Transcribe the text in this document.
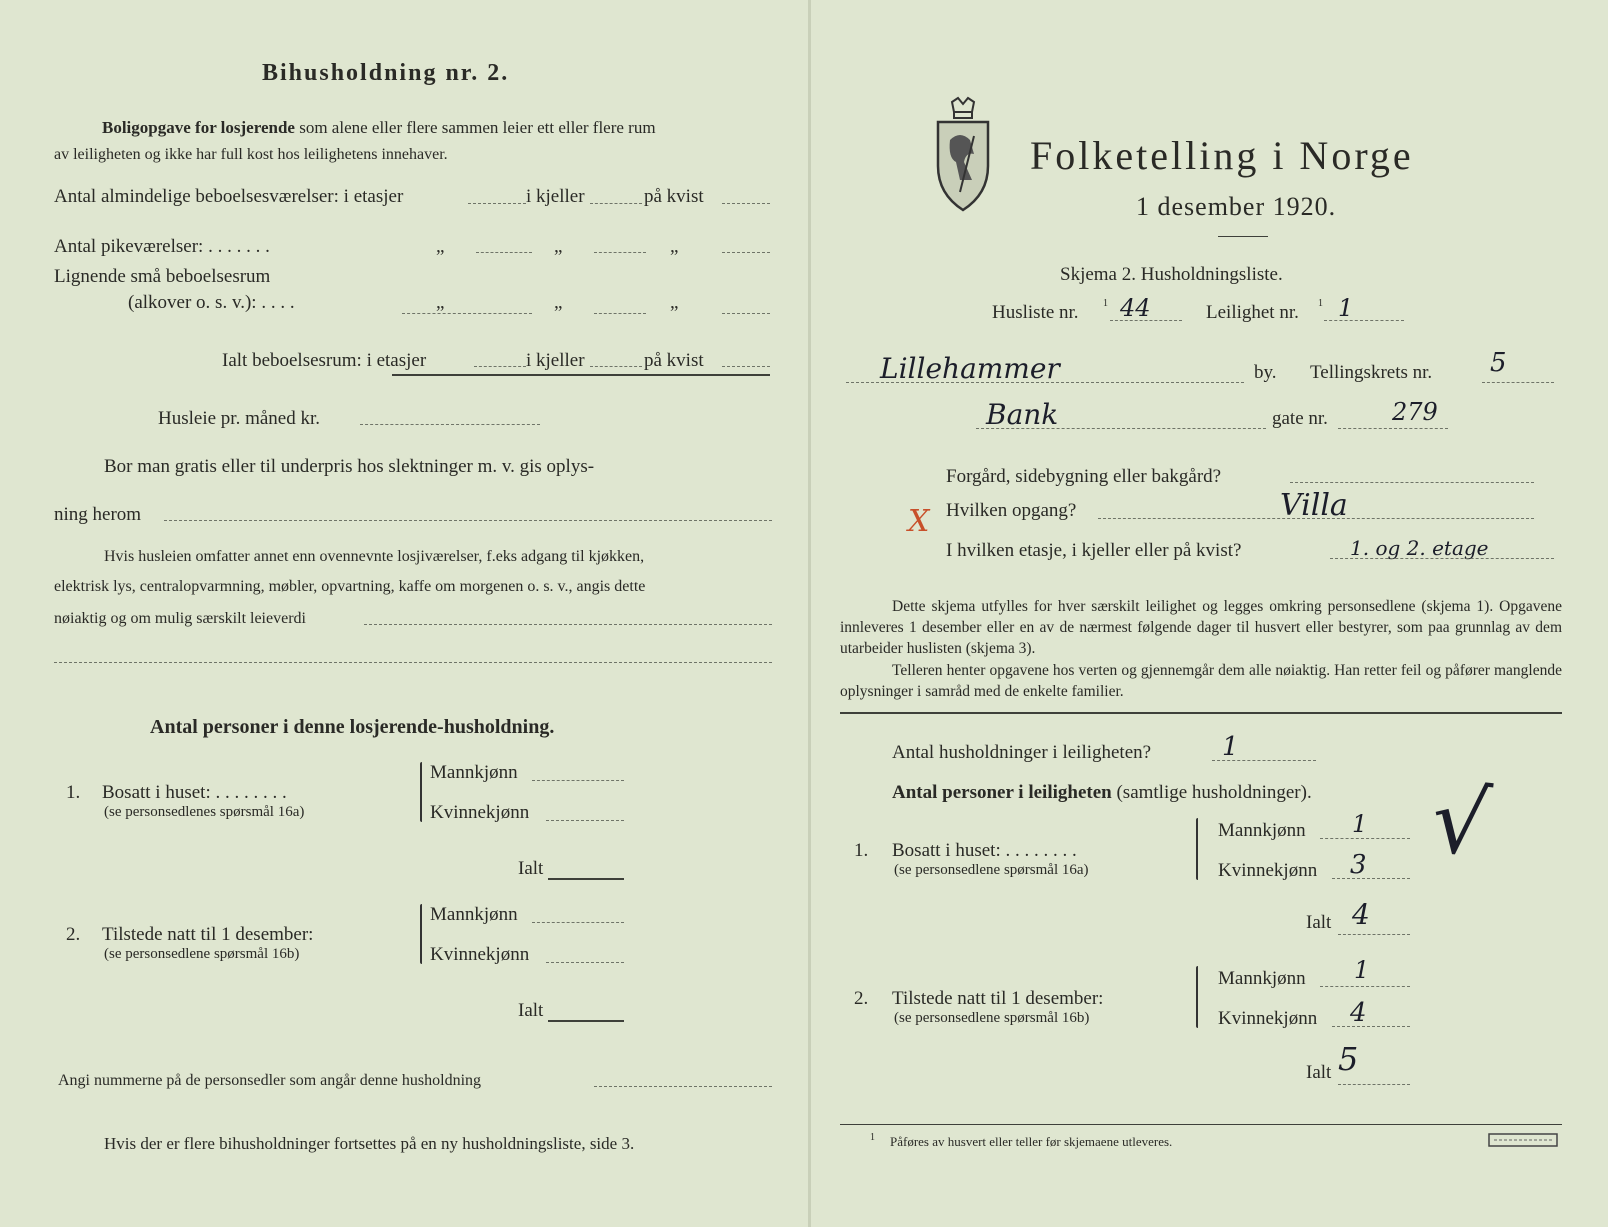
Bihusholdning nr. 2.
Boligopgave for losjerende som alene eller flere sammen leier ett eller flere rum
av leiligheten og ikke har full kost hos leilighetens innehaver.
Antal almindelige beboelsesværelser: i etasjer	i kjeller	på kvist
Antal pikeværelser: . . . . . . .	„	„	„
Lignende små beboelsesrum
(alkover o. s. v.): . . . .	„	„	„
Ialt beboelsesrum: i etasjer	i kjeller	på kvist
Husleie pr. måned kr.
Bor man gratis eller til underpris hos slektninger m. v. gis oplys-
ning herom
Hvis husleien omfatter annet enn ovennevnte losjiværelser, f.eks adgang til kjøkken,
elektrisk lys, centralopvarmning, møbler, opvartning, kaffe om morgenen o. s. v., angis dette
nøiaktig og om mulig særskilt leieverdi
Antal personer i denne losjerende-husholdning.
1. Bosatt i huset: . . . . . . . .
(se personsedlenes spørsmål 16a)
Mannkjønn
Kvinnekjønn
Ialt
2. Tilstede natt til 1 desember:
(se personsedlene spørsmål 16b)
Mannkjønn
Kvinnekjønn
Ialt
Angi nummerne på de personsedler som angår denne husholdning
Hvis der er flere bihusholdninger fortsettes på en ny husholdningsliste, side 3.
Folketelling i Norge
1 desember 1920.
Skjema 2. Husholdningsliste.
Husliste nr. 1 44	Leilighet nr. 1 1
Lillehammer	by. Tellingskrets nr. 5
Bank	gate nr.	279
Forgård, sidebygning eller bakgård?
X Hvilken opgang?	Villa
I hvilken etasje, i kjeller eller på kvist?	1. og 2. etage
Dette skjema utfylles for hver særskilt leilighet og legges omkring personsedlene (skjema 1). Opgavene innleveres 1 desember eller en av de nærmest følgende dager til husvert eller bestyrer, som paa grunnlag av dem utarbeider huslisten (skjema 3).
Telleren henter opgavene hos verten og gjennemgår dem alle nøiaktig. Han retter feil og påfører manglende oplysninger i samråd med de enkelte familier.
Antal husholdninger i leiligheten?	1
Antal personer i leiligheten (samtlige husholdninger). √
1. Bosatt i huset: . . . . . . . .
(se personsedlene spørsmål 16a)
Mannkjønn 1
Kvinnekjønn 3
Ialt 4
2. Tilstede natt til 1 desember:
(se personsedlene spørsmål 16b)
Mannkjønn 1
Kvinnekjønn 4
Ialt 5
1 Påføres av husvert eller teller før skjemaene utleveres.
